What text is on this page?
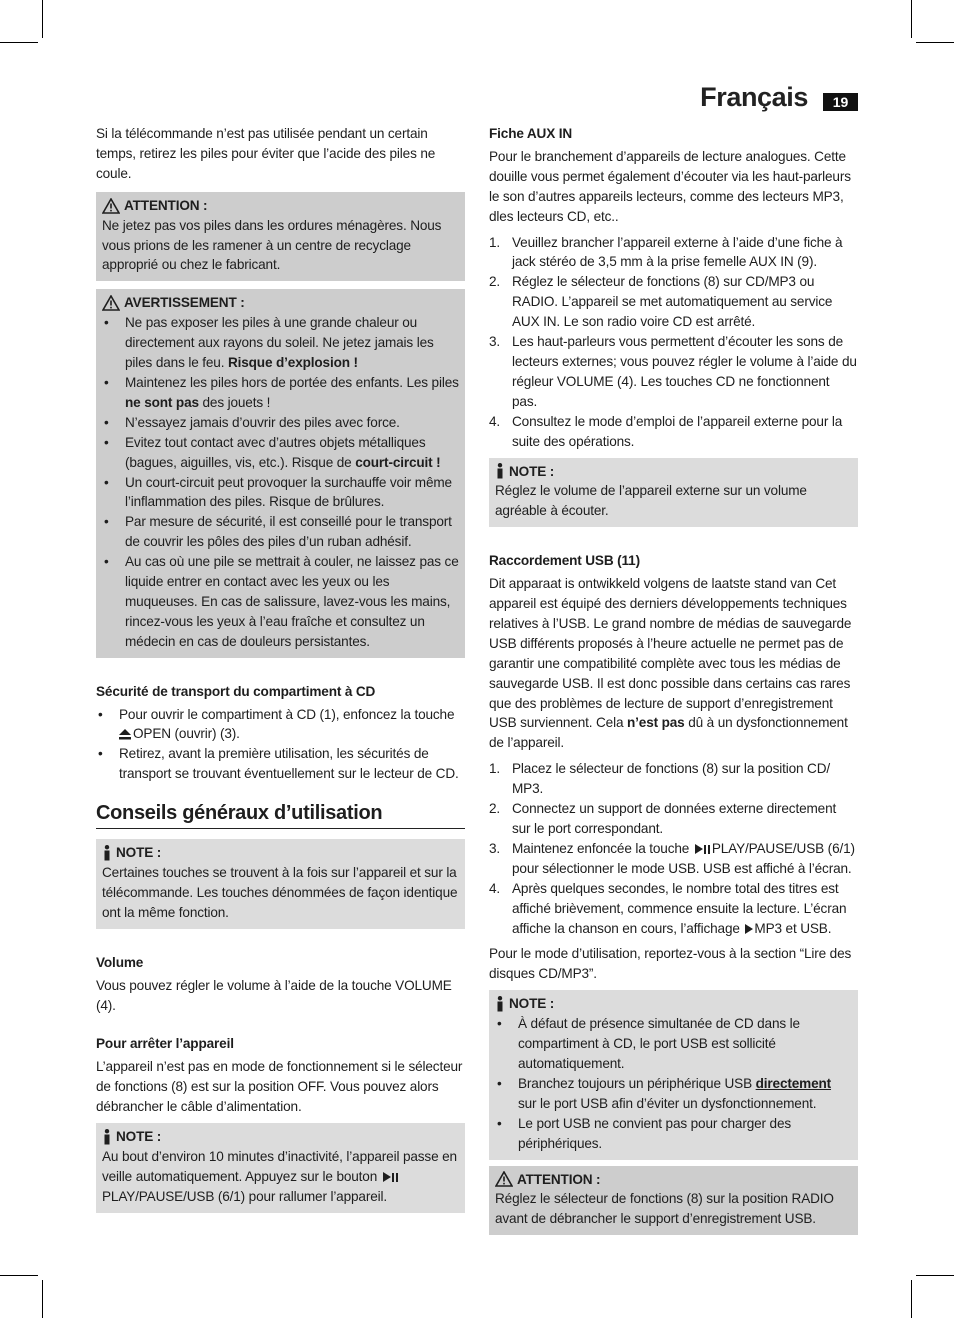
Français	19

Si la télécommande n’est pas utilisée pendant un certain temps, retirez les piles pour éviter que l’acide des piles ne coule.

ATTENTION :

Ne jetez pas vos piles dans les ordures ménagères. Nous vous prions de les ramener à un centre de recyclage approprié ou chez le fabricant.

AVERTISSEMENT :
• Ne pas exposer les piles à une grande chaleur ou directement aux rayons du soleil. Ne jetez jamais les piles dans le feu. Risque d’explosion !
• Maintenez les piles hors de portée des enfants. Les piles ne sont pas des jouets !
• N’essayez jamais d’ouvrir des piles avec force.
• Evitez tout contact avec d’autres objets métalliques (bagues, aiguilles, vis, etc.). Risque de court-circuit !
• Un court-circuit peut provoquer la surchauffe voir même l’inflammation des piles. Risque de brûlures.
• Par mesure de sécurité, il est conseillé pour le transport de couvrir les pôles des piles d’un ruban adhésif.
• Au cas où une pile se mettrait à couler, ne laissez pas ce liquide entrer en contact avec les yeux ou les muqueuses. En cas de salissure, lavez-vous les mains, rincez-vous les yeux à l’eau fraîche et consultez un médecin en cas de douleurs persistantes.

Sécurité de transport du compartiment à CD

• Pour ouvrir le compartiment à CD (1), enfoncez la touche
OPEN (ouvrir) (3).
• Retirez, avant la première utilisation, les sécurités de transport se trouvant éventuellement sur le lecteur de CD.
Conseils généraux d’utilisation
NOTE :

Certaines touches se trouvent à la fois sur l’appareil et sur la télécommande. Les touches dénommées de façon identique ont la même fonction.

Volume

Vous pouvez régler le volume à l’aide de la touche VOLUME (4).

Pour arrêter l’appareil

L’appareil n’est pas en mode de fonctionnement si le sélecteur de fonctions (8) est sur la position OFF. Vous pouvez alors débrancher le câble d’alimentation.

NOTE :

Au bout d’environ 10 minutes d’inactivité, l’appareil passe en veille automatiquement. Appuyez sur le bouton
PLAY/PAUSE/USB (6/1) pour rallumer l’appareil.

Fiche AUX IN

Pour le branchement d’appareils de lecture analogues. Cette douille vous permet également d’écouter via les haut-parleurs le son d’autres appareils lecteurs, comme des lecteurs MP3, dles lecteurs CD, etc..

1. Veuillez brancher l’appareil externe à l’aide d’une fiche à jack stéréo de 3,5 mm à la prise femelle AUX IN (9).
2. Réglez le sélecteur de fonctions (8) sur CD/MP3 ou RADIO. L’appareil se met automatiquement au service AUX IN. Le son radio voire CD est arrêté.
3. Les haut-parleurs vous permettent d’écouter les sons de lecteurs externes; vous pouvez régler le volume à l’aide du régleur VOLUME (4). Les touches CD ne fonctionnent pas.
4. Consultez le mode d’emploi de l’appareil externe pour la suite des opérations.
NOTE :

Réglez le volume de l’appareil externe sur un volume agréable à écouter.

Raccordement USB (11)

Dit apparaat is ontwikkeld volgens de laatste stand van Cet appareil est équipé des derniers développements techniques relatives à l’USB. Le grand nombre de médias de sauvegarde USB différents proposés à l’heure actuelle ne permet pas de garantir une compatibilité complète avec tous les médias de sauvegarde USB. Il est donc possible dans certains cas rares que des problèmes de lecture de support d’enregistrement USB surviennent. Cela n’est pas dû à un dysfonctionnement de l’appareil.

1. Placez le sélecteur de fonctions (8) sur la position CD/ MP3.
2. Connectez un support de données externe directement sur le port correspondant.
3. Maintenez enfoncée la touche PLAY/PAUSE/USB (6/1) pour sélectionner le mode USB. USB est affiché à l’écran.
4. Après quelques secondes, le nombre total des titres est affiché brièvement, commence ensuite la lecture. L’écran affiche la chanson en cours, l’affichage MP3 et USB.

Pour le mode d’utilisation, reportez-vous à la section “Lire des disques CD/MP3”.

NOTE :
• À défaut de présence simultanée de CD dans le compartiment à CD, le port USB est sollicité automatiquement.
• Branchez toujours un périphérique USB directement sur le port USB afin d’éviter un dysfonctionnement.
• Le port USB ne convient pas pour charger des périphériques.
ATTENTION :

Réglez le sélecteur de fonctions (8) sur la position RADIO avant de débrancher le support d’enregistrement USB.
